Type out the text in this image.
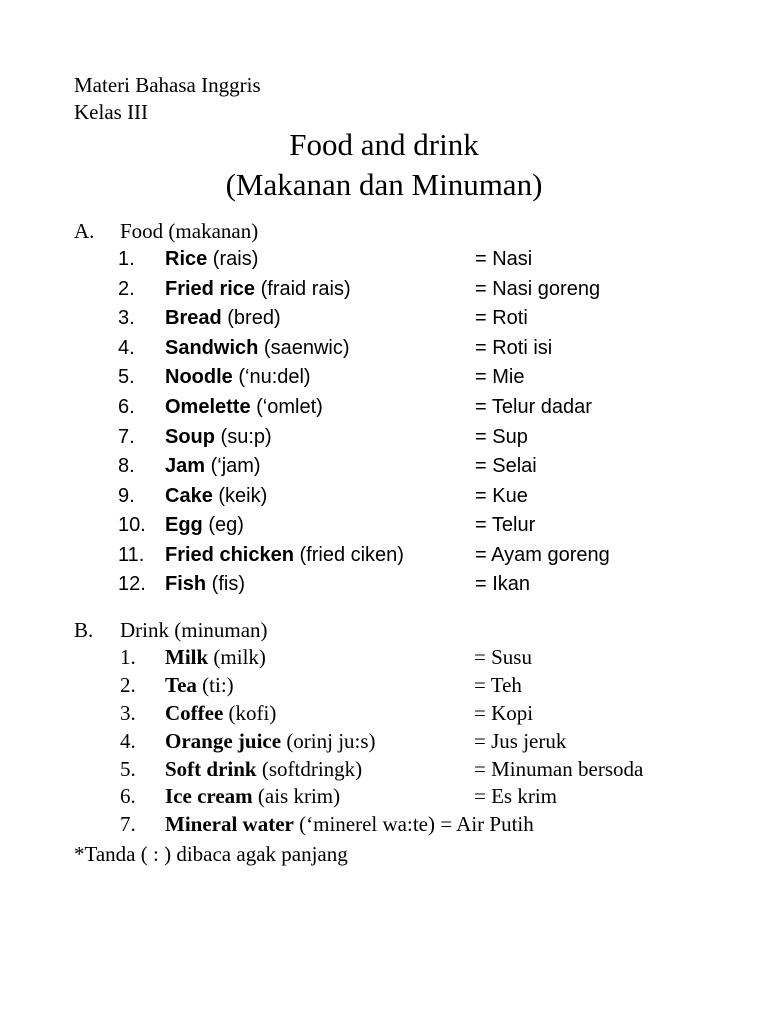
Materi Bahasa Inggris
Kelas III
Food and drink
(Makanan dan Minuman)
A. Food (makanan)
1. Rice (rais)	= Nasi
2. Fried rice (fraid rais)	= Nasi goreng
3. Bread (bred)	= Roti
4. Sandwich (saenwic)	= Roti isi
5. Noodle (‘nu:del)	= Mie
6. Omelette (‘omlet)	= Telur dadar
7. Soup (su:p)	= Sup
8. Jam (‘jam)	= Selai
9. Cake (keik)	= Kue
10. Egg (eg)	= Telur
11. Fried chicken (fried ciken)	= Ayam goreng
12. Fish (fis)	= Ikan
B. Drink (minuman)
1. Milk (milk)	= Susu
2. Tea (ti:)	= Teh
3. Coffee (kofi)	= Kopi
4. Orange juice (orinj ju:s)	= Jus jeruk
5. Soft drink (softdringk)	= Minuman bersoda
6. Ice cream (ais krim)	= Es krim
7. Mineral water (‘minerel wa:te) = Air Putih
*Tanda ( : ) dibaca agak panjang
